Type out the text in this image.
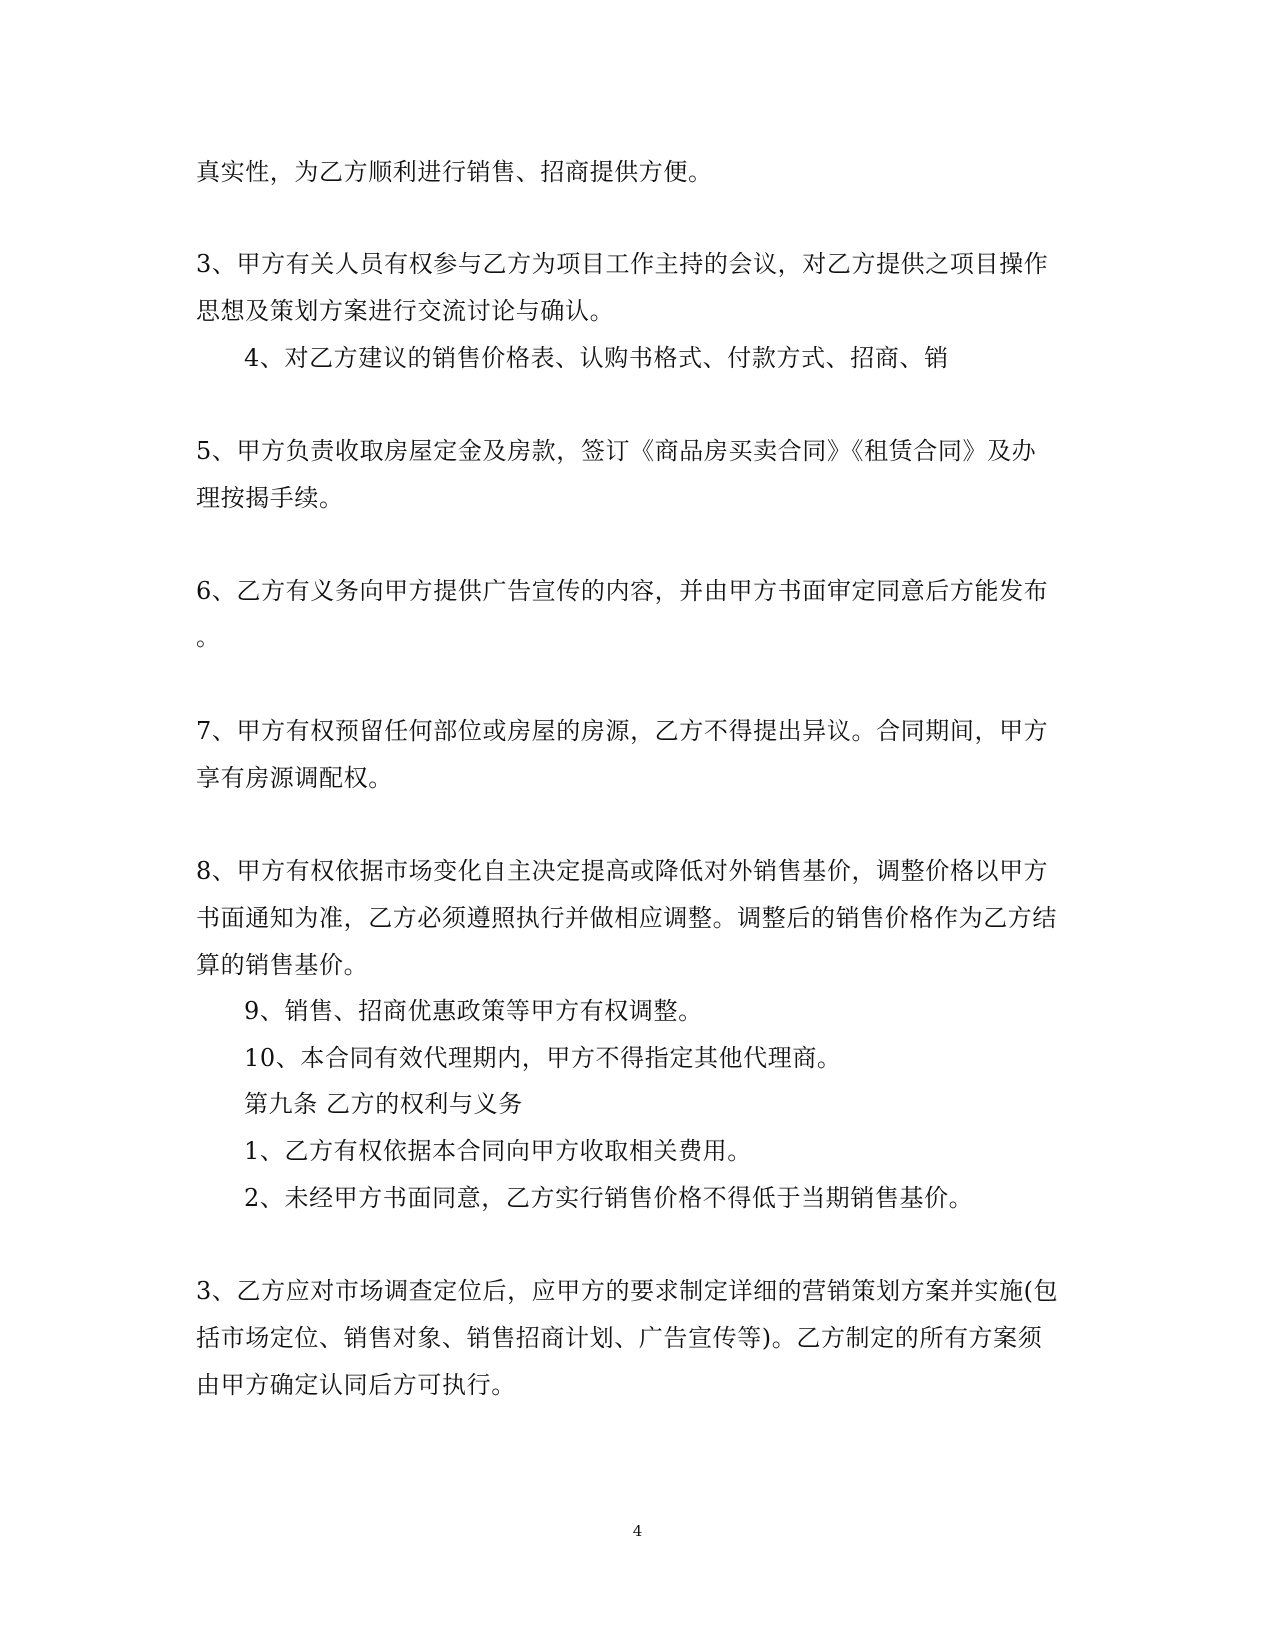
真实性，为乙方顺利进行销售、招商提供方便。
3、甲方有关人员有权参与乙方为项目工作主持的会议，对乙方提供之项目操作
思想及策划方案进行交流讨论与确认。
4、对乙方建议的销售价格表、认购书格式、付款方式、招商、销
5、甲方负责收取房屋定金及房款，签订《商品房买卖合同》《租赁合同》及办
理按揭手续。
6、乙方有义务向甲方提供广告宣传的内容，并由甲方书面审定同意后方能发布
。
7、甲方有权预留任何部位或房屋的房源，乙方不得提出异议。合同期间，甲方
享有房源调配权。
8、甲方有权依据市场变化自主决定提高或降低对外销售基价，调整价格以甲方
书面通知为准，乙方必须遵照执行并做相应调整。调整后的销售价格作为乙方结
算的销售基价。
9、销售、招商优惠政策等甲方有权调整。
10、本合同有效代理期内，甲方不得指定其他代理商。
第九条 乙方的权利与义务
1、乙方有权依据本合同向甲方收取相关费用。
2、未经甲方书面同意，乙方实行销售价格不得低于当期销售基价。
3、乙方应对市场调查定位后，应甲方的要求制定详细的营销策划方案并实施(包
括市场定位、销售对象、销售招商计划、广告宣传等)。乙方制定的所有方案须
由甲方确定认同后方可执行。
4
